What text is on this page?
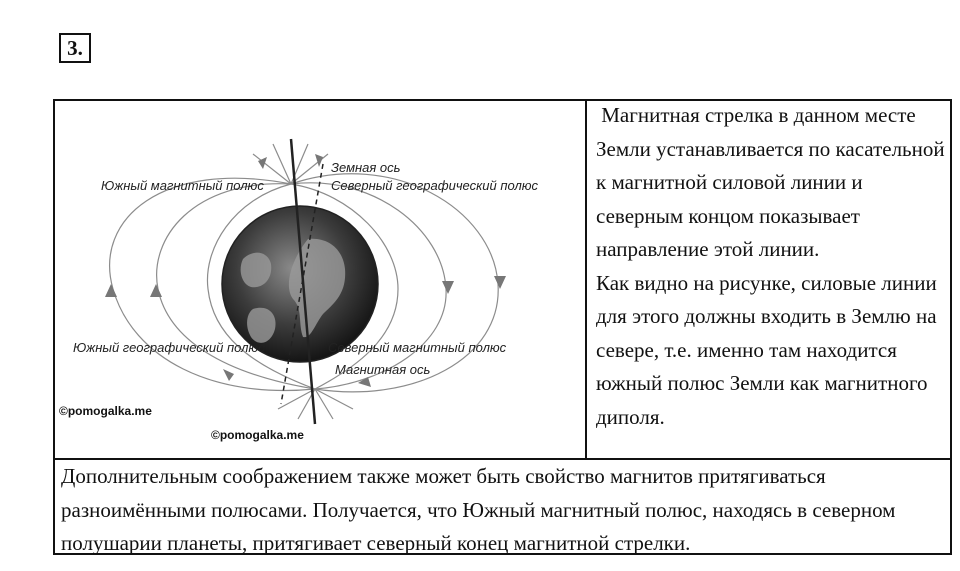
3.
Земная ось
Северный географический полюс
Южный магнитный полюс
Южный географический полюс	Северный магнитный полюс
Магнитная ось
©pomogalka.me
©pomogalka.me

Магнитная стрелка в данном месте Земли устанавливается по касательной к магнитной силовой линии и северным концом показывает направление этой линии.

Как видно на рисунке, силовые линии для этого должны входить в Землю на севере, т.е. именно там находится южный полюс Земли как магнитного диполя.

Дополнительным соображением также может быть свойство магнитов притягиваться разноимёнными полюсами. Получается, что Южный магнитный полюс, находясь в северном полушарии планеты, притягивает северный конец магнитной стрелки.
